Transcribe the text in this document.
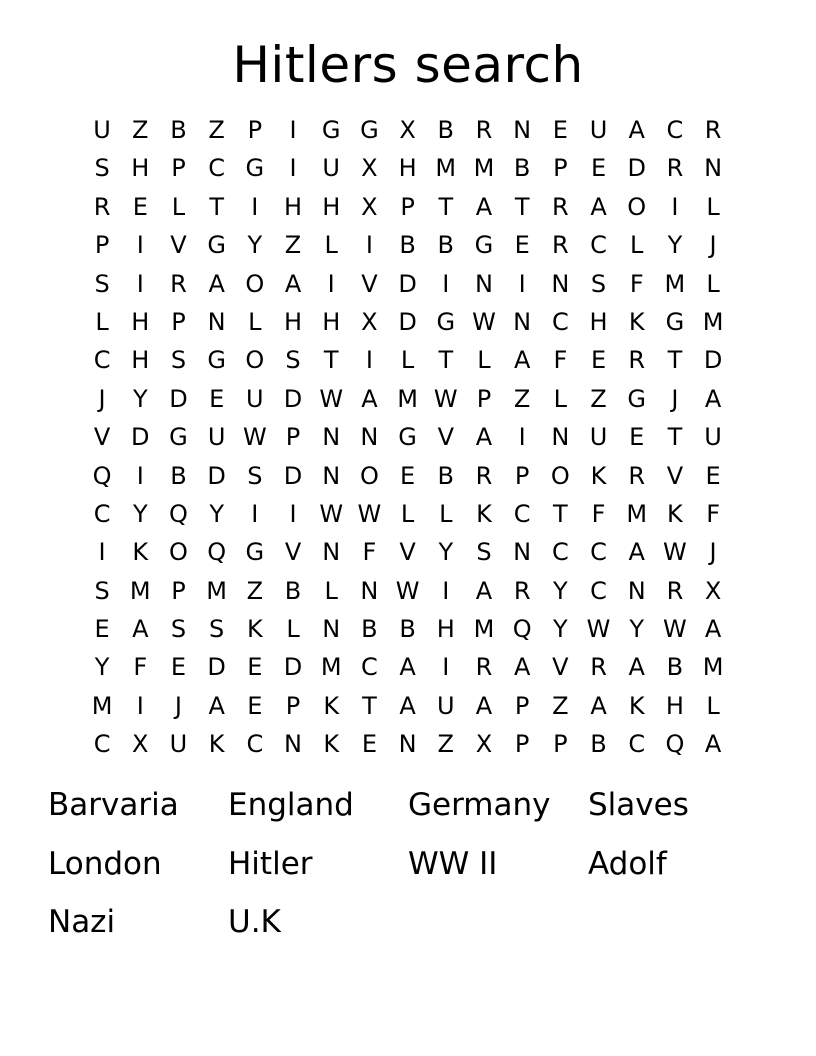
Hitlers search
U Z B Z P	I	G G X B R N E U A C R
S H P C G	I	U X H M M B P E D R N
R E L	T	I	H H X P T A T R A O	I	L
P	I	V G Y Z L	I	B B G E R C L	Y	J
S	I	R A O A	I	V D	I	N	I	N S F M L
L H P N L H H X D G W N C H K G M
C H S G O S T	I	L	T	L A F E R T D
J	Y D E U D W A M W P Z L Z G	J	A
V D G U W P N N G V A	I	N U E T U
Q	I	B D S D N O E B R P O K R V E
C Y Q Y	I	I W W L	L K C T F M K F
I	K O Q G V N F V Y S N C C A W J
S M P M Z B L N W I	A R Y C N R X
E A S S K L N B B H M Q Y W Y W A
Y F E D E D M C A	I	R A V R A B M
M	I	J	A E P K T A U A P Z A K H L
C X U K C N K E N Z X P P B C Q A
Barvaria	England	Germany	Slaves
London	Hitler	WW II	Adolf
Nazi	U.K
